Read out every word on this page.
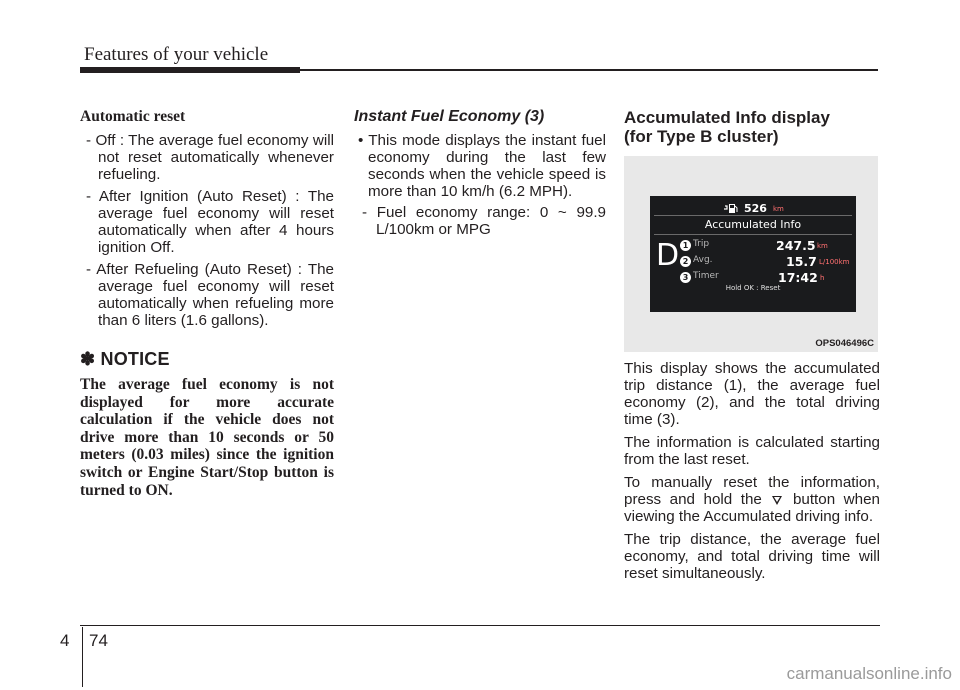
Features of your vehicle
Automatic reset

- Off : The average fuel economy will not reset automatically whenever refueling.

- After Ignition (Auto Reset) : The average fuel economy will reset automatically when after 4 hours ignition Off.

- After Refueling (Auto Reset) : The average fuel economy will reset automatically when refueling more than 6 liters (1.6 gallons).

✽ NOTICE
The average fuel economy is not displayed for more accurate calculation if the vehicle does not drive more than 10 seconds or 50 meters (0.03 miles) since the ignition switch or Engine Start/Stop button is turned to ON.
Instant Fuel Economy (3)
• This mode displays the instant fuel economy during the last few seconds when the vehicle speed is more than 10 km/h (6.2 MPH).

- Fuel economy range: 0 ~ 99.9 L/100km or MPG

Accumulated Info display
(for Type B cluster)
526 km
Accumulated Info
D 1 Trip	247.5 km
2 Avg.	15.7 L/100km
3 Timer	17:42 h
Hold OK : Reset
OPS046496C

This display shows the accumulated trip distance (1), the average fuel economy (2), and the total driving time (3).

The information is calculated starting from the last reset.

To manually reset the information, press and hold the button when viewing the Accumulated driving info.

The trip distance, the average fuel economy, and total driving time will reset simultaneously.

4 74
carmanualsonline.info
